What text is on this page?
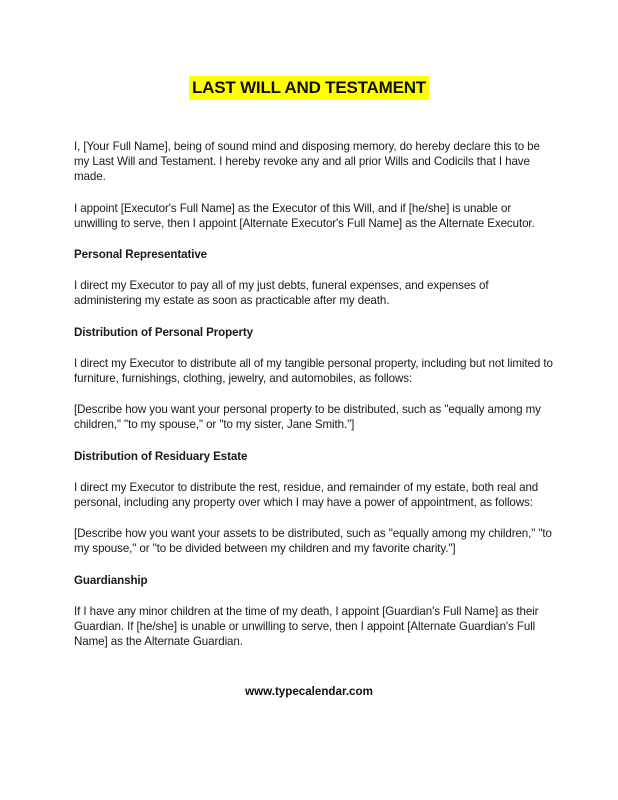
LAST WILL AND TESTAMENT

I, [Your Full Name], being of sound mind and disposing memory, do hereby declare this to be my Last Will and Testament. I hereby revoke any and all prior Wills and Codicils that I have made.

I appoint [Executor's Full Name] as the Executor of this Will, and if [he/she] is unable or unwilling to serve, then I appoint [Alternate Executor's Full Name] as the Alternate Executor.

Personal Representative

I direct my Executor to pay all of my just debts, funeral expenses, and expenses of administering my estate as soon as practicable after my death.

Distribution of Personal Property

I direct my Executor to distribute all of my tangible personal property, including but not limited to furniture, furnishings, clothing, jewelry, and automobiles, as follows:

[Describe how you want your personal property to be distributed, such as "equally among my children," "to my spouse," or "to my sister, Jane Smith."]

Distribution of Residuary Estate

I direct my Executor to distribute the rest, residue, and remainder of my estate, both real and personal, including any property over which I may have a power of appointment, as follows:

[Describe how you want your assets to be distributed, such as "equally among my children," "to my spouse," or "to be divided between my children and my favorite charity."]

Guardianship

If I have any minor children at the time of my death, I appoint [Guardian's Full Name] as their Guardian. If [he/she] is unable or unwilling to serve, then I appoint [Alternate Guardian's Full Name] as the Alternate Guardian.

www.typecalendar.com
